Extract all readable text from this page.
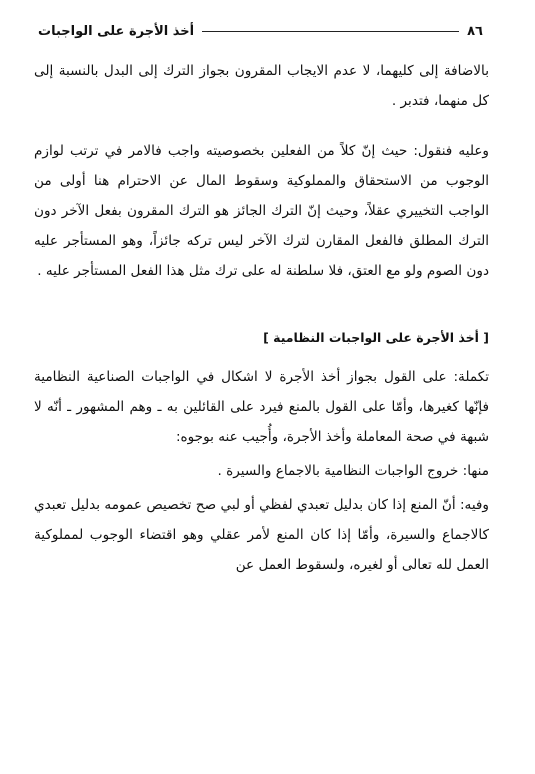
٨٦
أخذ الأجرة على الواجبات

بالاضافة إلى كليهما، لا عدم الايجاب المقرون بجواز الترك إلى البدل بالنسبة إلى كل منهما، فتدبر .

وعليه فنقول: حيث إنّ كلاً من الفعلين بخصوصيته واجب فالامر في ترتب لوازم الوجوب من الاستحقاق والمملوكية وسقوط المال عن الاحترام هنا أولى من الواجب التخييري عقلاً، وحيث إنّ الترك الجائز هو الترك المقرون بفعل الآخر دون الترك المطلق فالفعل المقارن لترك الآخر ليس تركه جائزاً، وهو المستأجر عليه دون الصوم ولو مع العتق، فلا سلطنة له على ترك مثل هذا الفعل المستأجر عليه .

[ أخذ الأجرة على الواجبات النظامية ]

تكملة: على القول بجواز أخذ الأجرة لا اشكال في الواجبات الصناعية النظامية فإنّها كغيرها، وأمّا على القول بالمنع فيرد على القائلين به ـ وهم المشهور ـ أنّه لا شبهة في صحة المعاملة وأخذ الأجرة، وأُجيب عنه بوجوه:

منها: خروج الواجبات النظامية بالاجماع والسيرة .

وفيه: أنّ المنع إذا كان بدليل تعبدي لفظي أو لبي صح تخصيص عمومه بدليل تعبدي كالاجماع والسيرة، وأمّا إذا كان المنع لأمر عقلي وهو اقتضاء الوجوب لمملوكية العمل لله تعالى أو لغيره، ولسقوط العمل عن
